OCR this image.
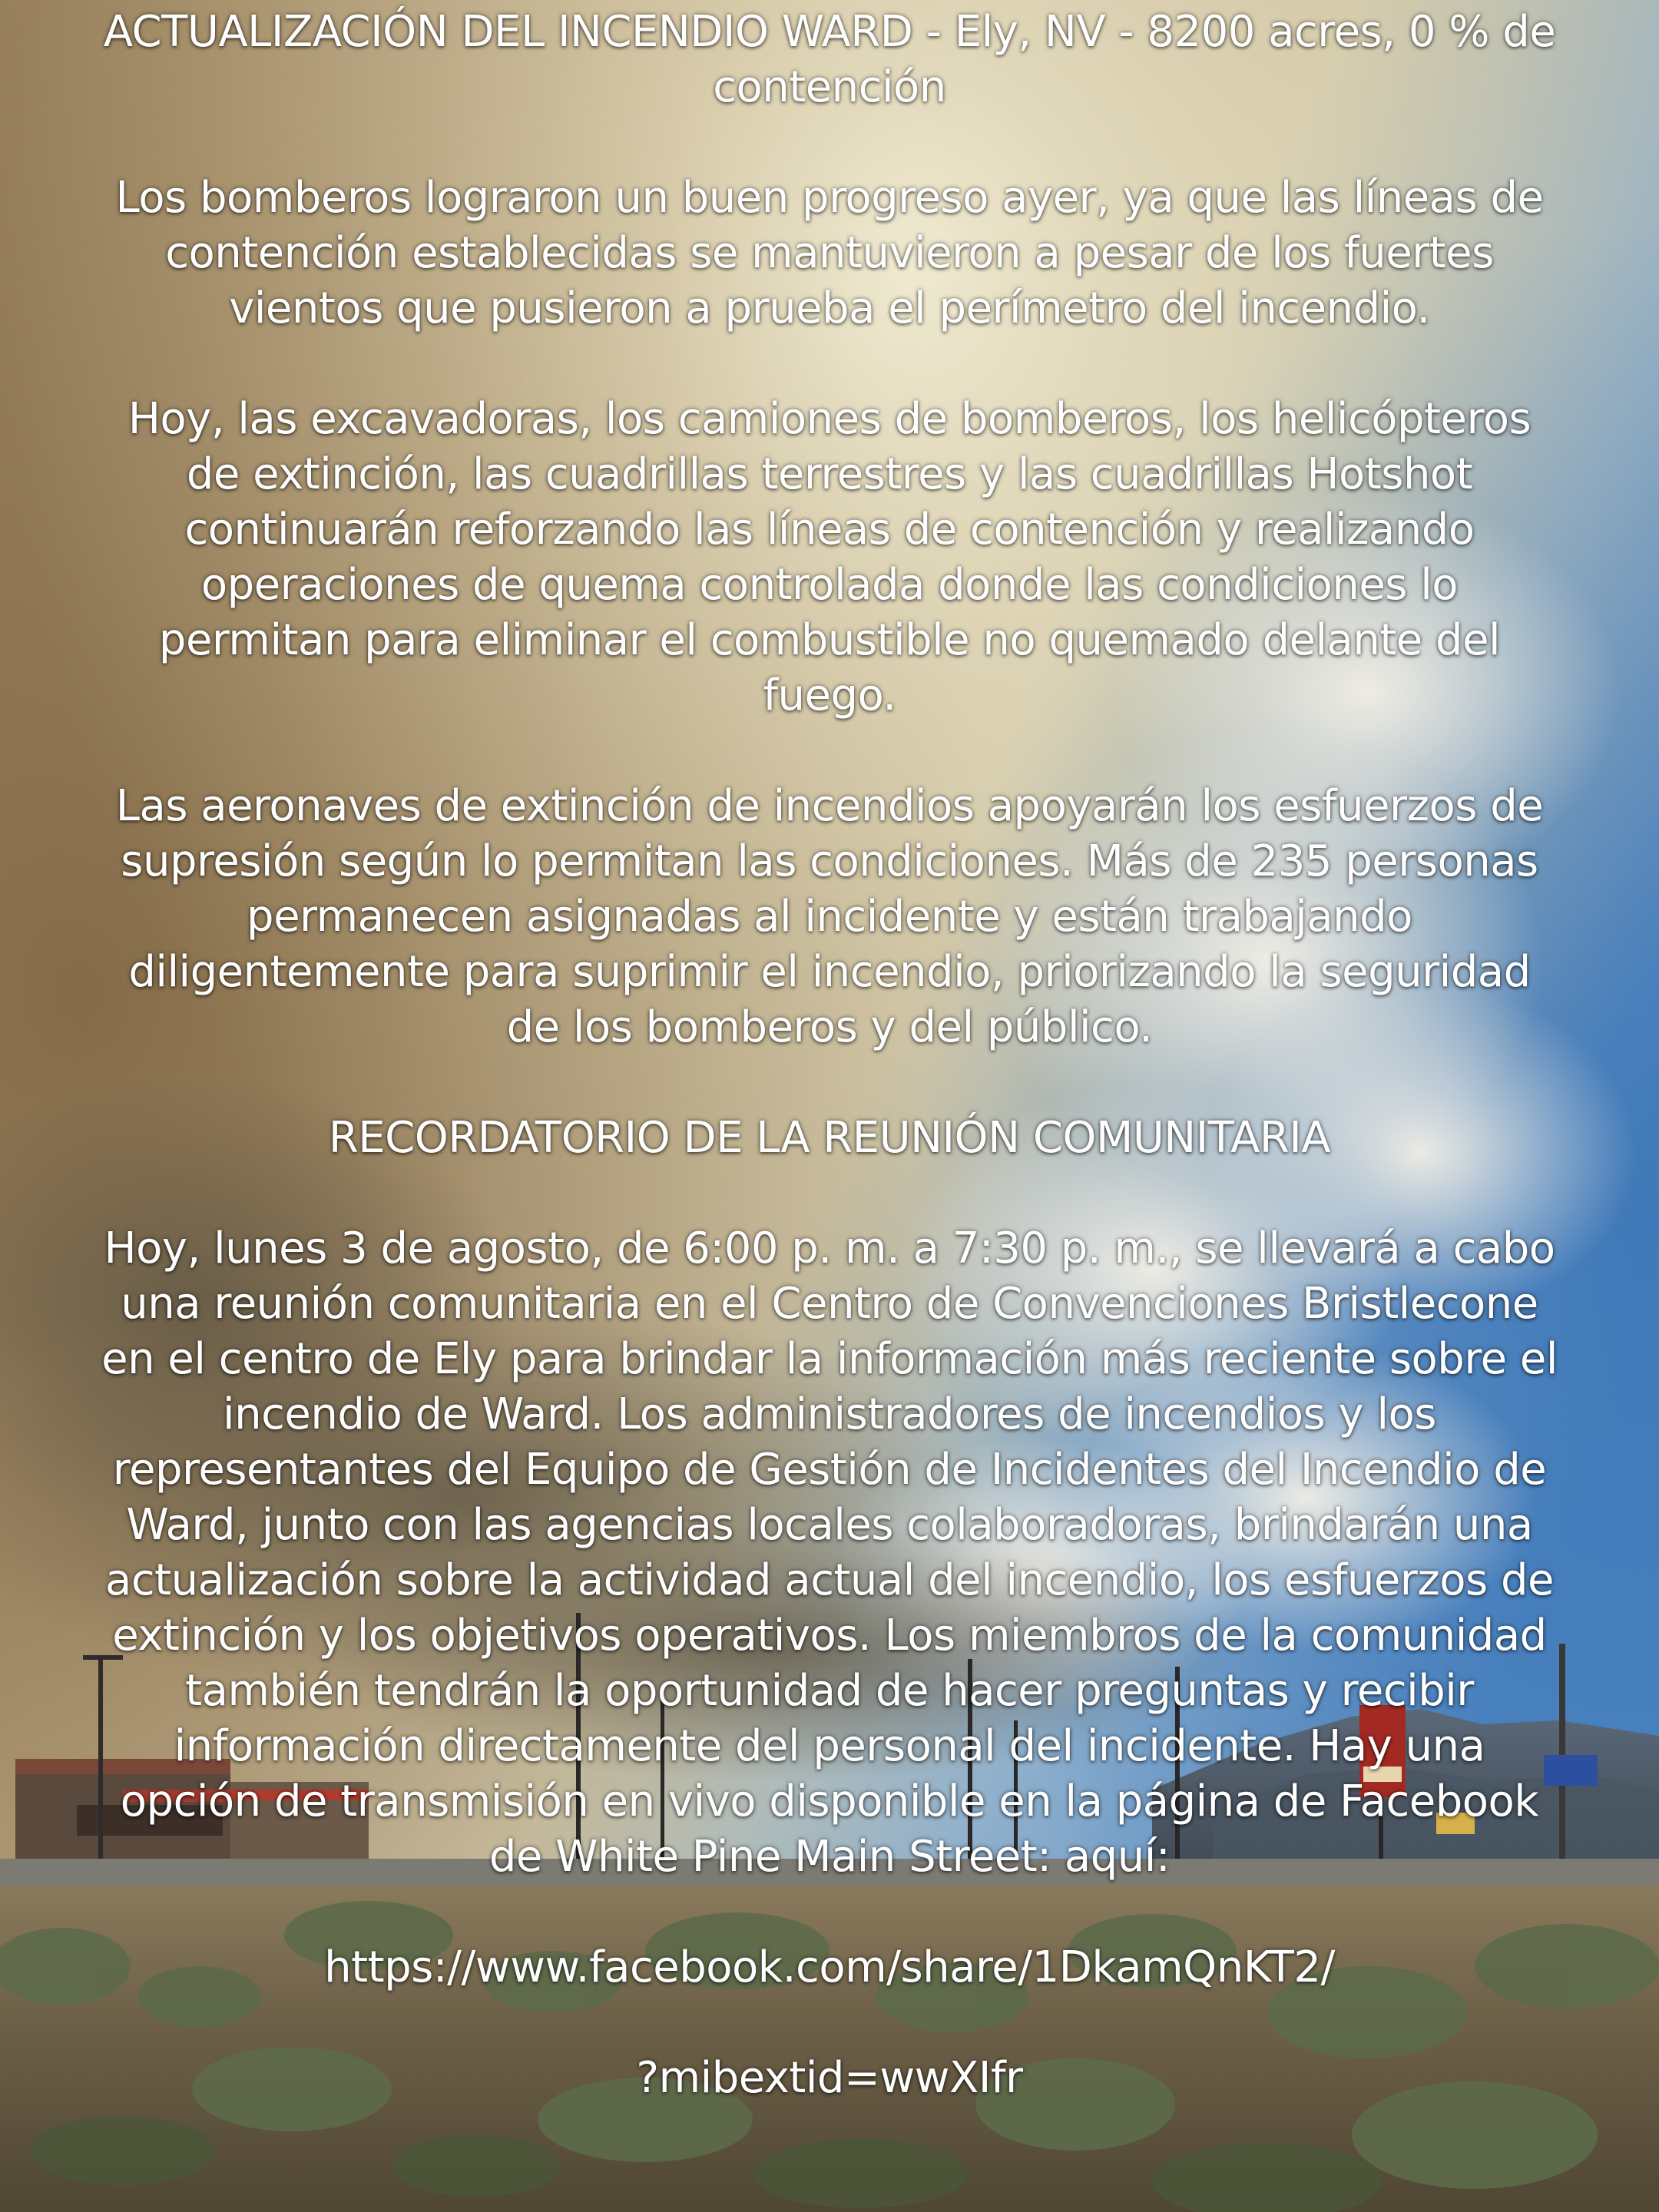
ACTUALIZACIÓN DEL INCENDIO WARD - Ely, NV - 8200 acres, 0 % de contención

Los bomberos lograron un buen progreso ayer, ya que las líneas de contención establecidas se mantuvieron a pesar de los fuertes vientos que pusieron a prueba el perímetro del incendio.

Hoy, las excavadoras, los camiones de bomberos, los helicópteros de extinción, las cuadrillas terrestres y las cuadrillas Hotshot continuarán reforzando las líneas de contención y realizando operaciones de quema controlada donde las condiciones lo permitan para eliminar el combustible no quemado delante del fuego.

Las aeronaves de extinción de incendios apoyarán los esfuerzos de supresión según lo permitan las condiciones. Más de 235 personas permanecen asignadas al incidente y están trabajando diligentemente para suprimir el incendio, priorizando la seguridad de los bomberos y del público.

RECORDATORIO DE LA REUNIÓN COMUNITARIA

Hoy, lunes 3 de agosto, de 6:00 p. m. a 7:30 p. m., se llevará a cabo una reunión comunitaria en el Centro de Convenciones Bristlecone en el centro de Ely para brindar la información más reciente sobre el incendio de Ward. Los administradores de incendios y los representantes del Equipo de Gestión de Incidentes del Incendio de Ward, junto con las agencias locales colaboradoras, brindarán una actualización sobre la actividad actual del incendio, los esfuerzos de extinción y los objetivos operativos. Los miembros de la comunidad también tendrán la oportunidad de hacer preguntas y recibir información directamente del personal del incidente. Hay una opción de transmisión en vivo disponible en la página de Facebook de White Pine Main Street: aquí:

https://www.facebook.com/share/1DkamQnKT2/

?mibextid=wwXIfr
